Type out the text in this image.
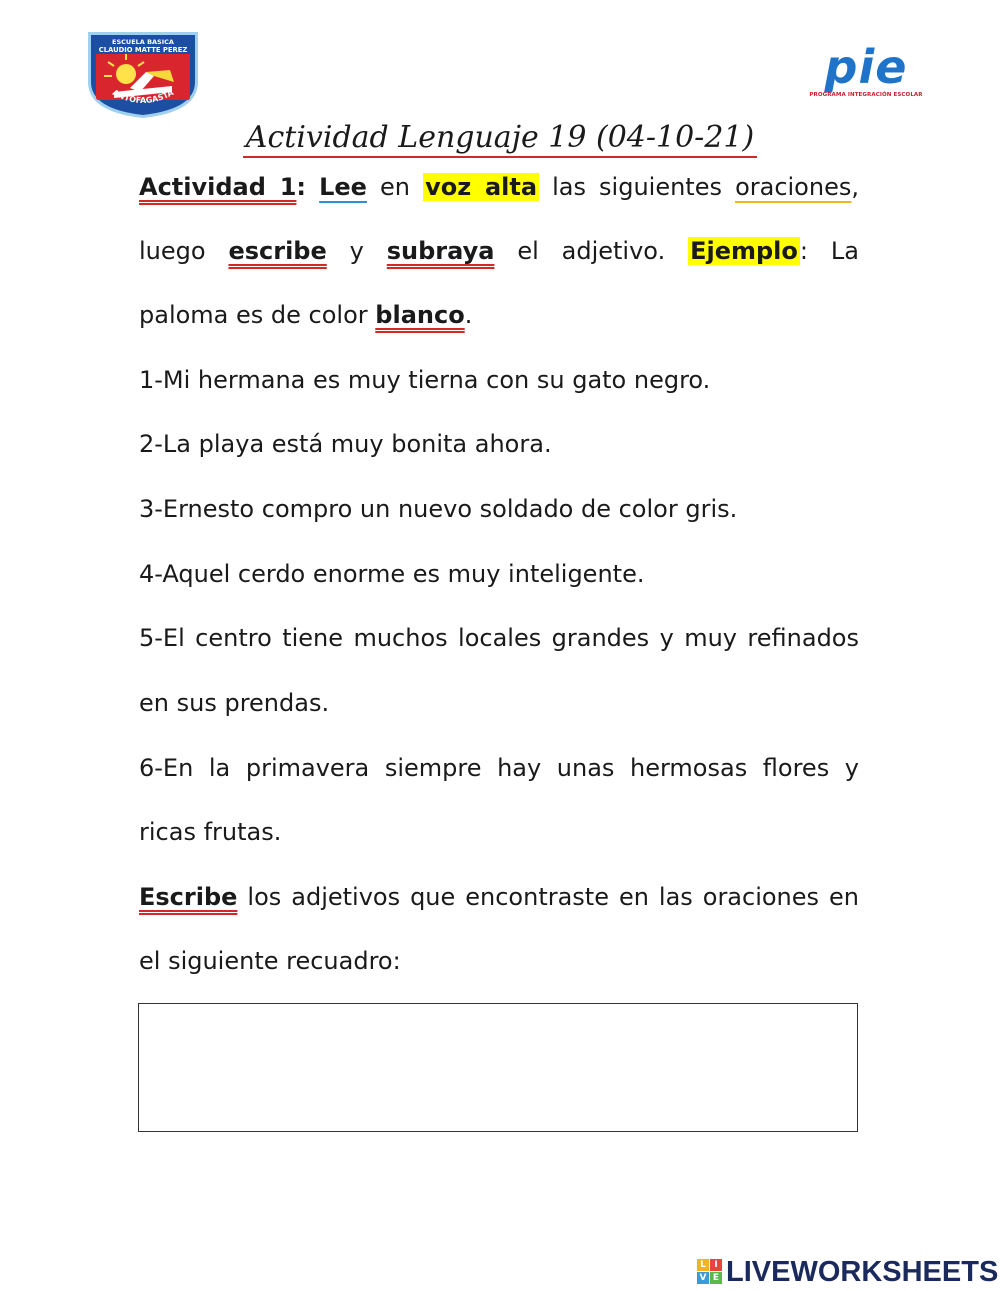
ESCUELA BASICA
CLAUDIO MATTE PEREZ
ANTOFAGASTA	pie
PROGRAMA INTEGRACIÓN ESCOLAR
Actividad Lenguaje 19 (04-10-21)
Actividad 1: Lee en voz alta las siguientes oraciones,
luego escribe y subraya el adjetivo. Ejemplo: La
paloma es de color blanco.
1-Mi hermana es muy tierna con su gato negro.
2-La playa está muy bonita ahora.
3-Ernesto compro un nuevo soldado de color gris.
4-Aquel cerdo enorme es muy inteligente.
5-El centro tiene muchos locales grandes y muy refinados
en sus prendas.
6-En la primavera siempre hay unas hermosas flores y
ricas frutas.
Escribe los adjetivos que encontraste en las oraciones en
el siguiente recuadro:
L I
V E LIVEWORKSHEETS
